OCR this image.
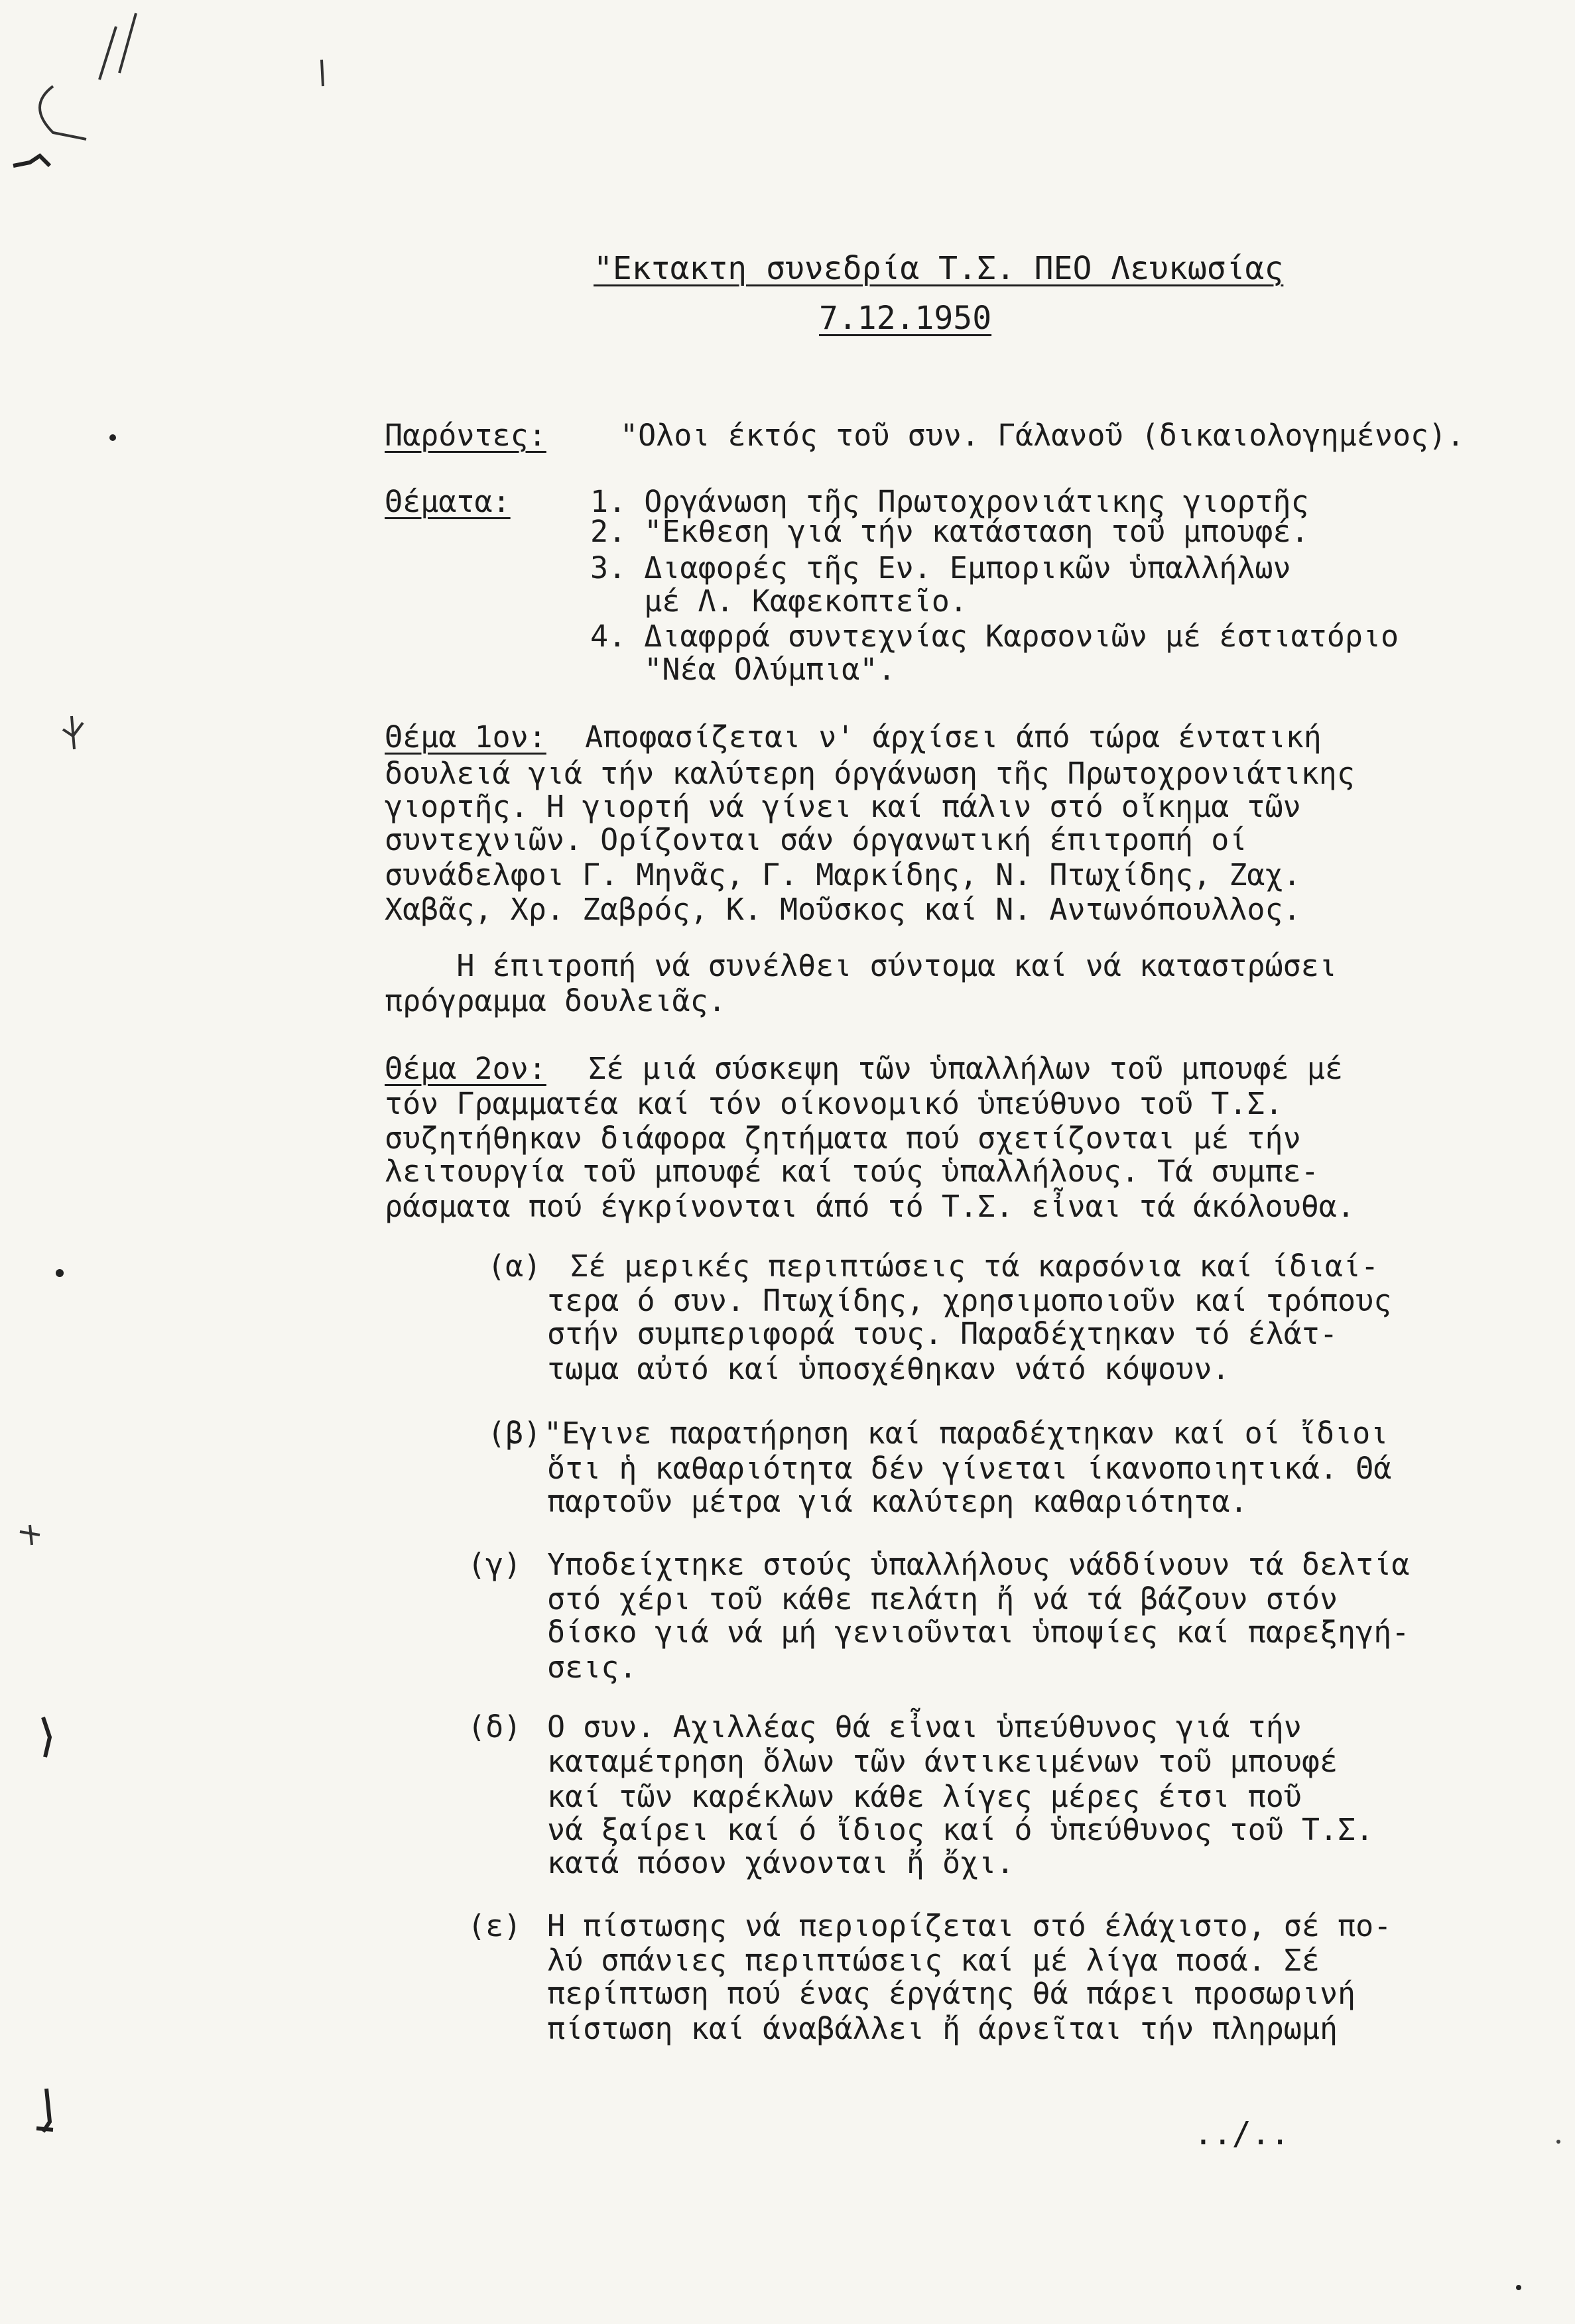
"Εκτακτη συνεδρία Τ.Σ. ΠΕΟ Λευκωσίας
7.12.1950
Παρόντες: "Ολοι έκτός τοῦ συν. Γάλανοῦ (δικαιολογημένος).
Θέματα:	1. Οργάνωση τῆς Πρωτοχρονιάτικης γιορτῆς
2. "Εκθεση γιά τήν κατάσταση τοῦ μπουφέ.
3. Διαφορές τῆς Εν. Εμπορικῶν ὑπαλλήλων
μέ Λ. Καφεκοπτεῖο.
4. Διαφρρά συντεχνίας Καρσονιῶν μέ έστιατόριο
"Νέα Ολύμπια".
Θέμα 1ον: Αποφασίζεται ν' άρχίσει άπό τώρα έντατική
δουλειά γιά τήν καλύτερη όργάνωση τῆς Πρωτοχρονιάτικης
γιορτῆς. Η γιορτή νά γίνει καί πάλιν στό οἴκημα τῶν
συντεχνιῶν. Ορίζονται σάν όργανωτική έπιτροπή οί
συνάδελφοι Γ. Μηνᾶς, Γ. Μαρκίδης, Ν. Πτωχίδης, Ζαχ.
Χαβᾶς, Χρ. Ζαβρός, Κ. Μοῦσκος καί Ν. Αντωνόπουλλος.
Η έπιτροπή νά συνέλθει σύντομα καί νά καταστρώσει
πρόγραμμα δουλειᾶς.
Θέμα 2ον: Σέ μιά σύσκεψη τῶν ὑπαλλήλων τοῦ μπουφέ μέ
τόν Γραμματέα καί τόν οίκονομικό ὑπεύθυνο τοῦ Τ.Σ.
συζητήθηκαν διάφορα ζητήματα πού σχετίζονται μέ τήν
λειτουργία τοῦ μπουφέ καί τούς ὑπαλλήλους. Τά συμπε-
ράσματα πού έγκρίνονται άπό τό Τ.Σ. εἶναι τά άκόλουθα.
(α) Σέ μερικές περιπτώσεις τά καρσόνια καί ίδιαί-
τερα ό συν. Πτωχίδης, χρησιμοποιοῦν καί τρόπους
στήν συμπεριφορά τους. Παραδέχτηκαν τό έλάτ-
τωμα αὐτό καί ὑποσχέθηκαν νάτό κόψουν.
(β) "Εγινε παρατήρηση καί παραδέχτηκαν καί οί ἴδιοι
ὅτι ἡ καθαριότητα δέν γίνεται ίκανοποιητικά. Θά
παρτοῦν μέτρα γιά καλύτερη καθαριότητα.
(γ) Υποδείχτηκε στούς ὑπαλλήλους νάδδίνουν τά δελτία
στό χέρι τοῦ κάθε πελάτη ἤ νά τά βάζουν στόν
δίσκο γιά νά μή γενιοῦνται ὑποψίες καί παρεξηγή-
σεις.
(δ) Ο συν. Αχιλλέας θά εἶναι ὑπεύθυνος γιά τήν
καταμέτρηση ὅλων τῶν άντικειμένων τοῦ μπουφέ
καί τῶν καρέκλων κάθε λίγες μέρες έτσι ποῦ
νά ξαίρει καί ό ἴδιος καί ό ὑπεύθυνος τοῦ Τ.Σ.
κατά πόσον χάνονται ἤ ὄχι.
(ε) Η πίστωσης νά περιορίζεται στό έλάχιστο, σέ πο-
λύ σπάνιες περιπτώσεις καί μέ λίγα ποσά. Σέ
περίπτωση πού ένας έργάτης θά πάρει προσωρινή
πίστωση καί άναβάλλει ἤ άρνεῖται τήν πληρωμή
../..
